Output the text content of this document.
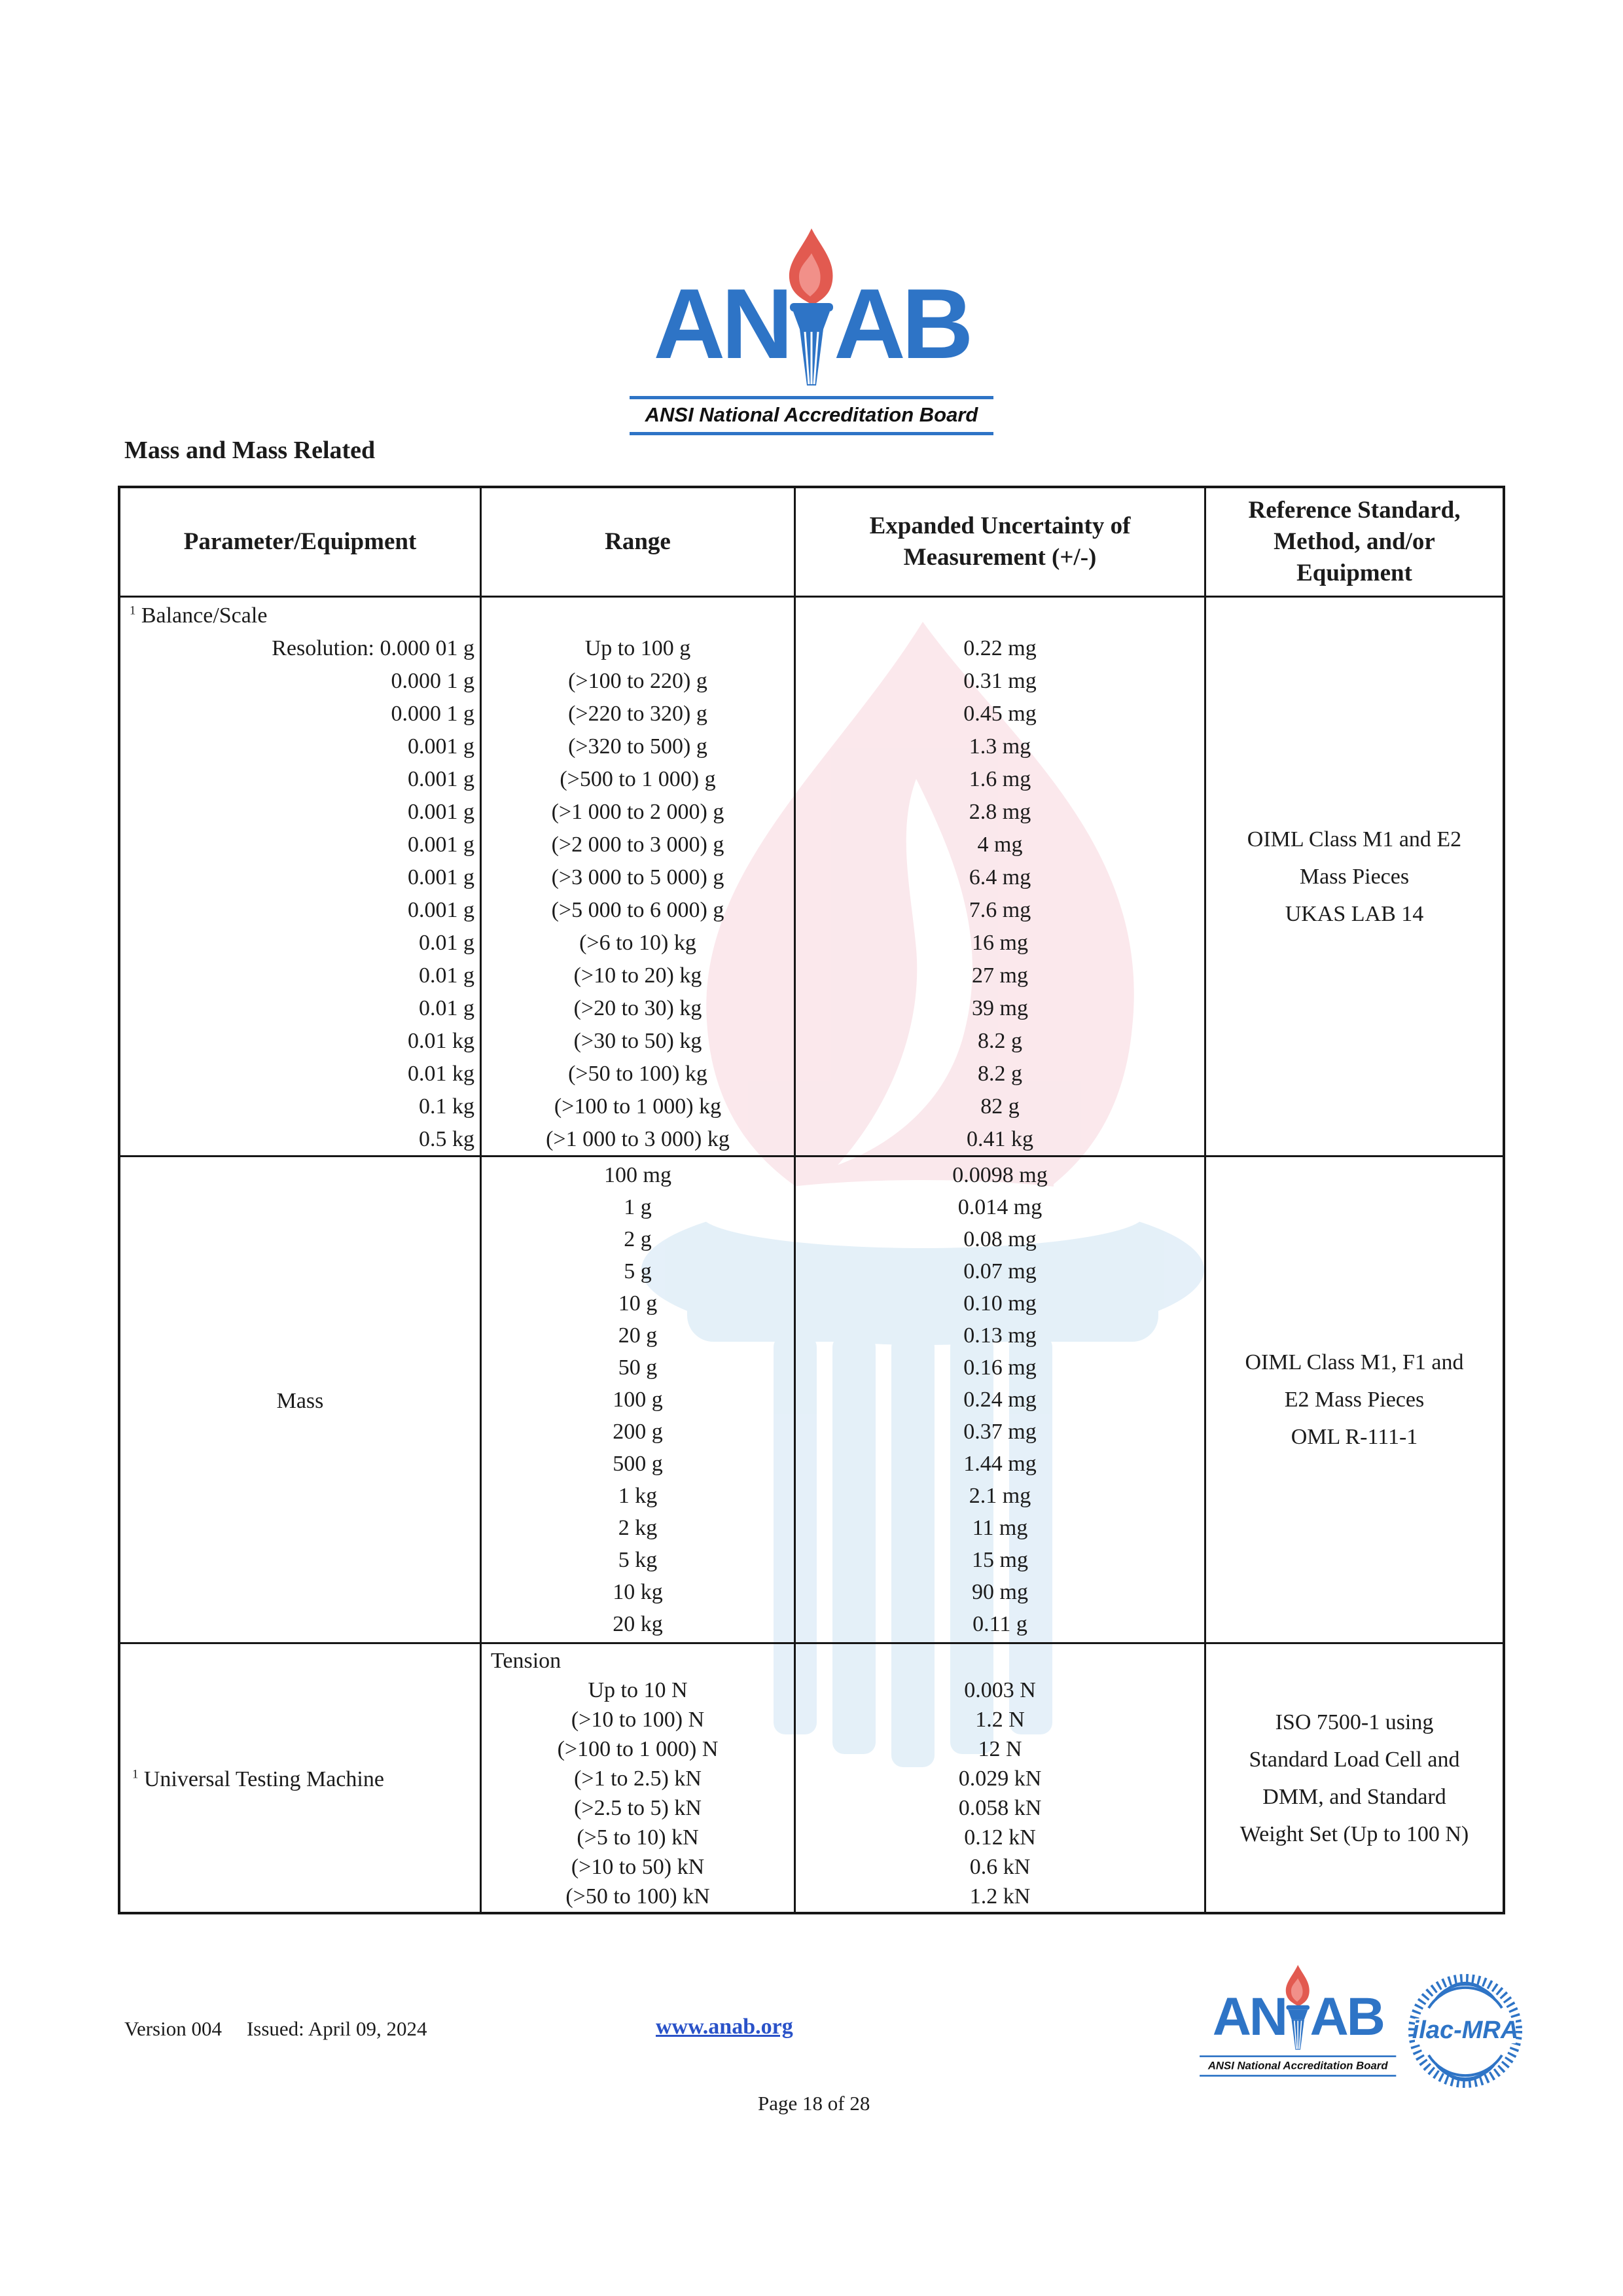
AN AB
ANSI National Accreditation Board
Mass and Mass Related
Parameter/Equipment	Range
Expanded Uncertainty of Measurement (+/-)
Reference Standard, Method, and/or Equipment
$^1$ Balance/Scale
Resolution: 0.000 01 g
0.000 1 g
0.000 1 g
0.001 g
0.001 g
0.001 g
0.001 g
0.001 g
0.001 g
0.01 g
0.01 g
0.01 g
0.01 kg
0.01 kg
0.1 kg
0.5 kg

Up to 100 g
(>100 to 220) g
(>220 to 320) g
(>320 to 500) g
(>500 to 1 000) g
(>1 000 to 2 000) g
(>2 000 to 3 000) g
(>3 000 to 5 000) g
(>5 000 to 6 000) g
(>6 to 10) kg
(>10 to 20) kg
(>20 to 30) kg
(>30 to 50) kg
(>50 to 100) kg
(>100 to 1 000) kg
(>1 000 to 3 000) kg

0.22 mg
0.31 mg
0.45 mg
1.3 mg
1.6 mg
2.8 mg
4 mg
6.4 mg
7.6 mg
16 mg
27 mg
39 mg
8.2 g
8.2 g
82 g
0.41 kg
OIML Class M1 and E2
Mass Pieces
UKAS LAB 14
Mass
100 mg
1 g
2 g
5 g
10 g
20 g
50 g
100 g
200 g
500 g
1 kg
2 kg
5 kg
10 kg
20 kg
0.0098 mg
0.014 mg
0.08 mg
0.07 mg
0.10 mg
0.13 mg
0.16 mg
0.24 mg
0.37 mg
1.44 mg
2.1 mg
11 mg
15 mg
90 mg
0.11 g
OIML Class M1, F1 and
E2 Mass Pieces
OML R-111-1
$^1$ Universal Testing Machine
Tension
Up to 10 N
(>10 to 100) N
(>100 to 1 000) N
(>1 to 2.5) kN
(>2.5 to 5) kN
(>5 to 10) kN
(>10 to 50) kN
(>50 to 100) kN

0.003 N
1.2 N
12 N
0.029 kN
0.058 kN
0.12 kN
0.6 kN
1.2 kN
ISO 7500-1 using
Standard Load Cell and
DMM, and Standard
Weight Set (Up to 100 N)
Version 004 Issued: April 09, 2024	www.anab.org
Page 18 of 28
AN AB
ANSI National Accreditation Board
ilac-MRA
